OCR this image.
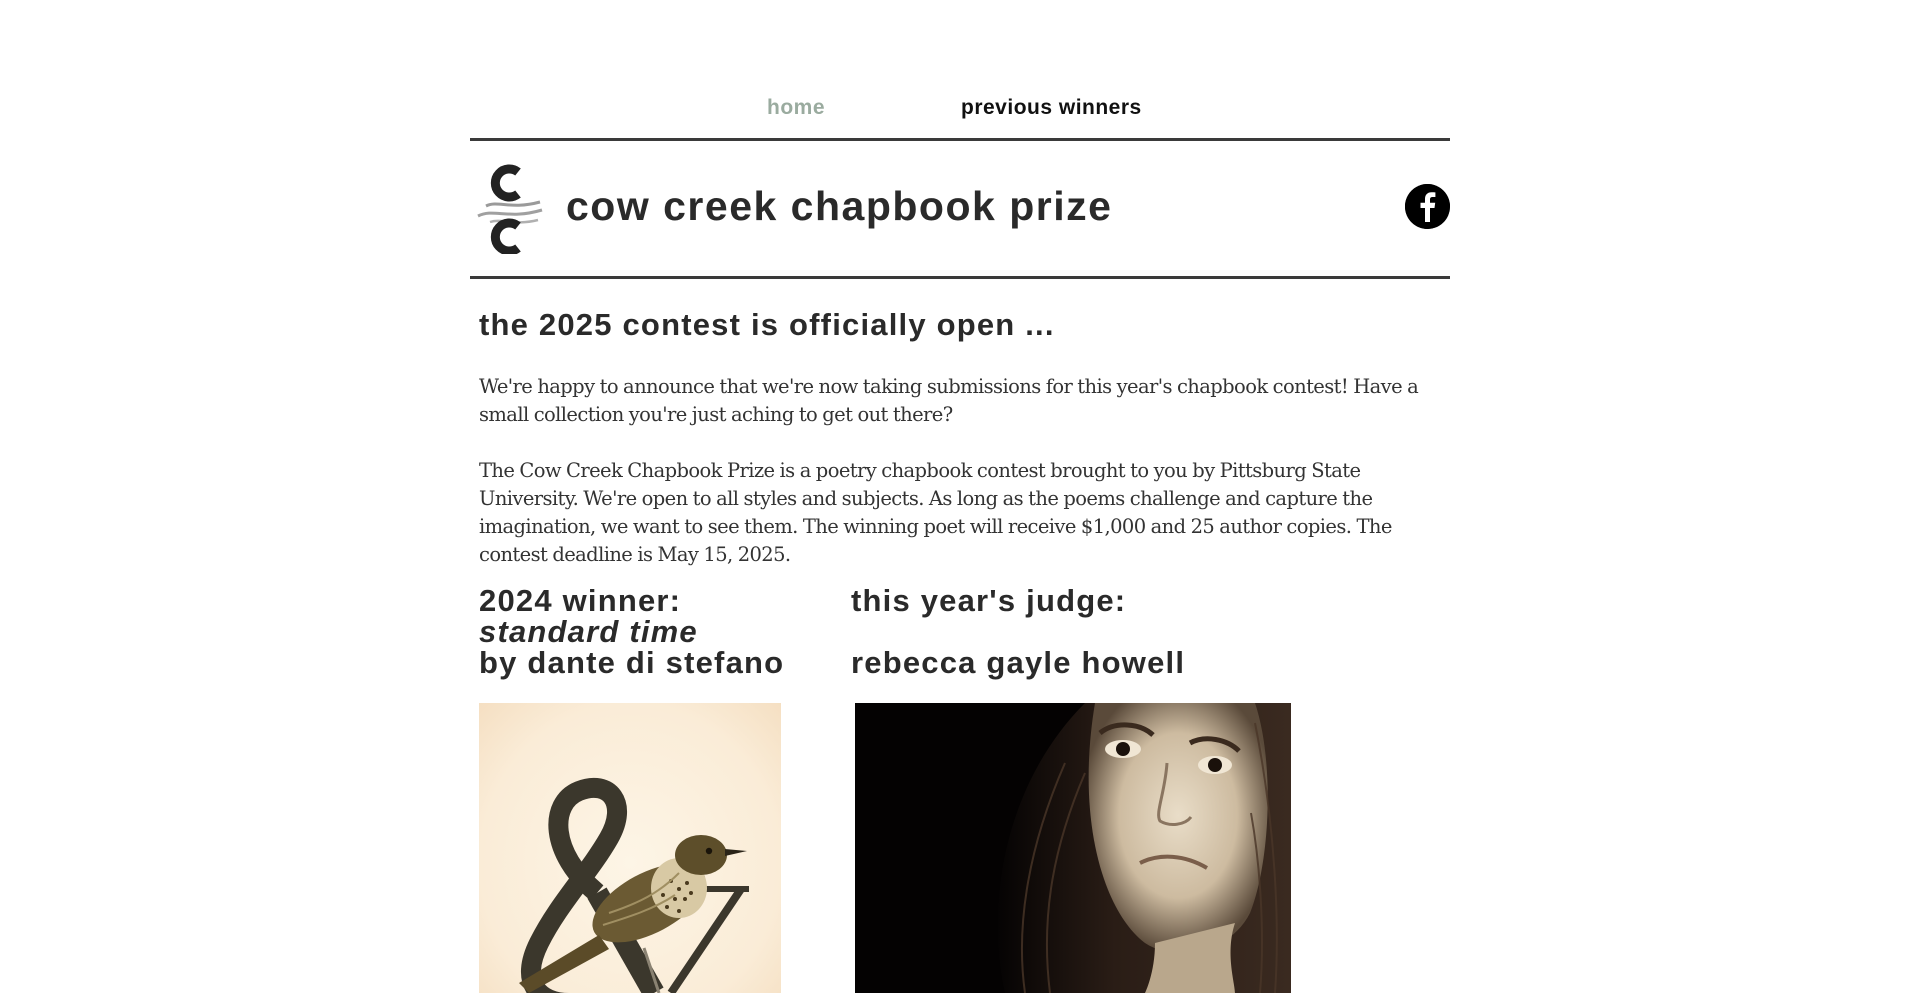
home	previous winners
cow creek chapbook prize
the 2025 contest is officially open ...

We're happy to announce that we're now taking submissions for this year's chapbook contest! Have a small collection you're just aching to get out there?

The Cow Creek Chapbook Prize is a poetry chapbook contest brought to you by Pittsburg State University. We're open to all styles and subjects. As long as the poems challenge and capture the imagination, we want to see them. The winning poet will receive $1,000 and 25 author copies. The contest deadline is May 15, 2025.

2024 winner:
standard time
by dante di stefano
this year's judge:
rebecca gayle howell
